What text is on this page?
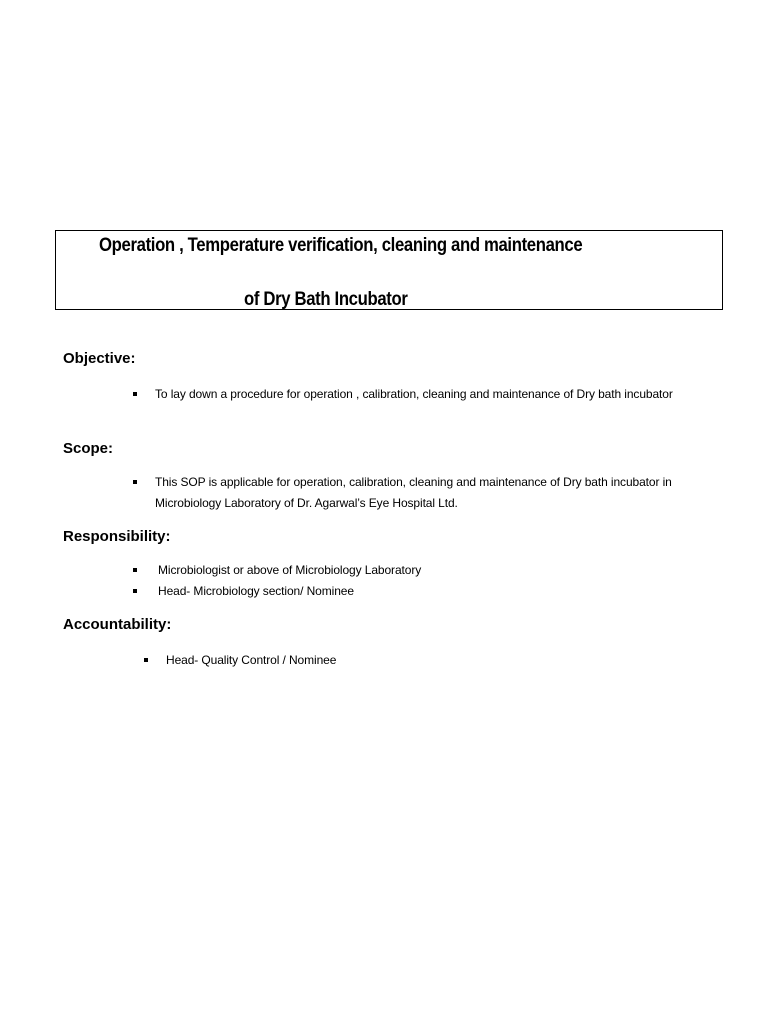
Operation , Temperature verification, cleaning and maintenance
of Dry Bath Incubator
Objective:
To lay down a procedure for operation , calibration, cleaning and maintenance of Dry bath incubator
Scope:
This SOP is applicable for operation, calibration, cleaning and maintenance of Dry bath incubator in Microbiology Laboratory of Dr. Agarwal’s Eye Hospital Ltd.
Responsibility:
Microbiologist or above of Microbiology Laboratory
Head- Microbiology section/ Nominee
Accountability:
Head- Quality Control / Nominee
